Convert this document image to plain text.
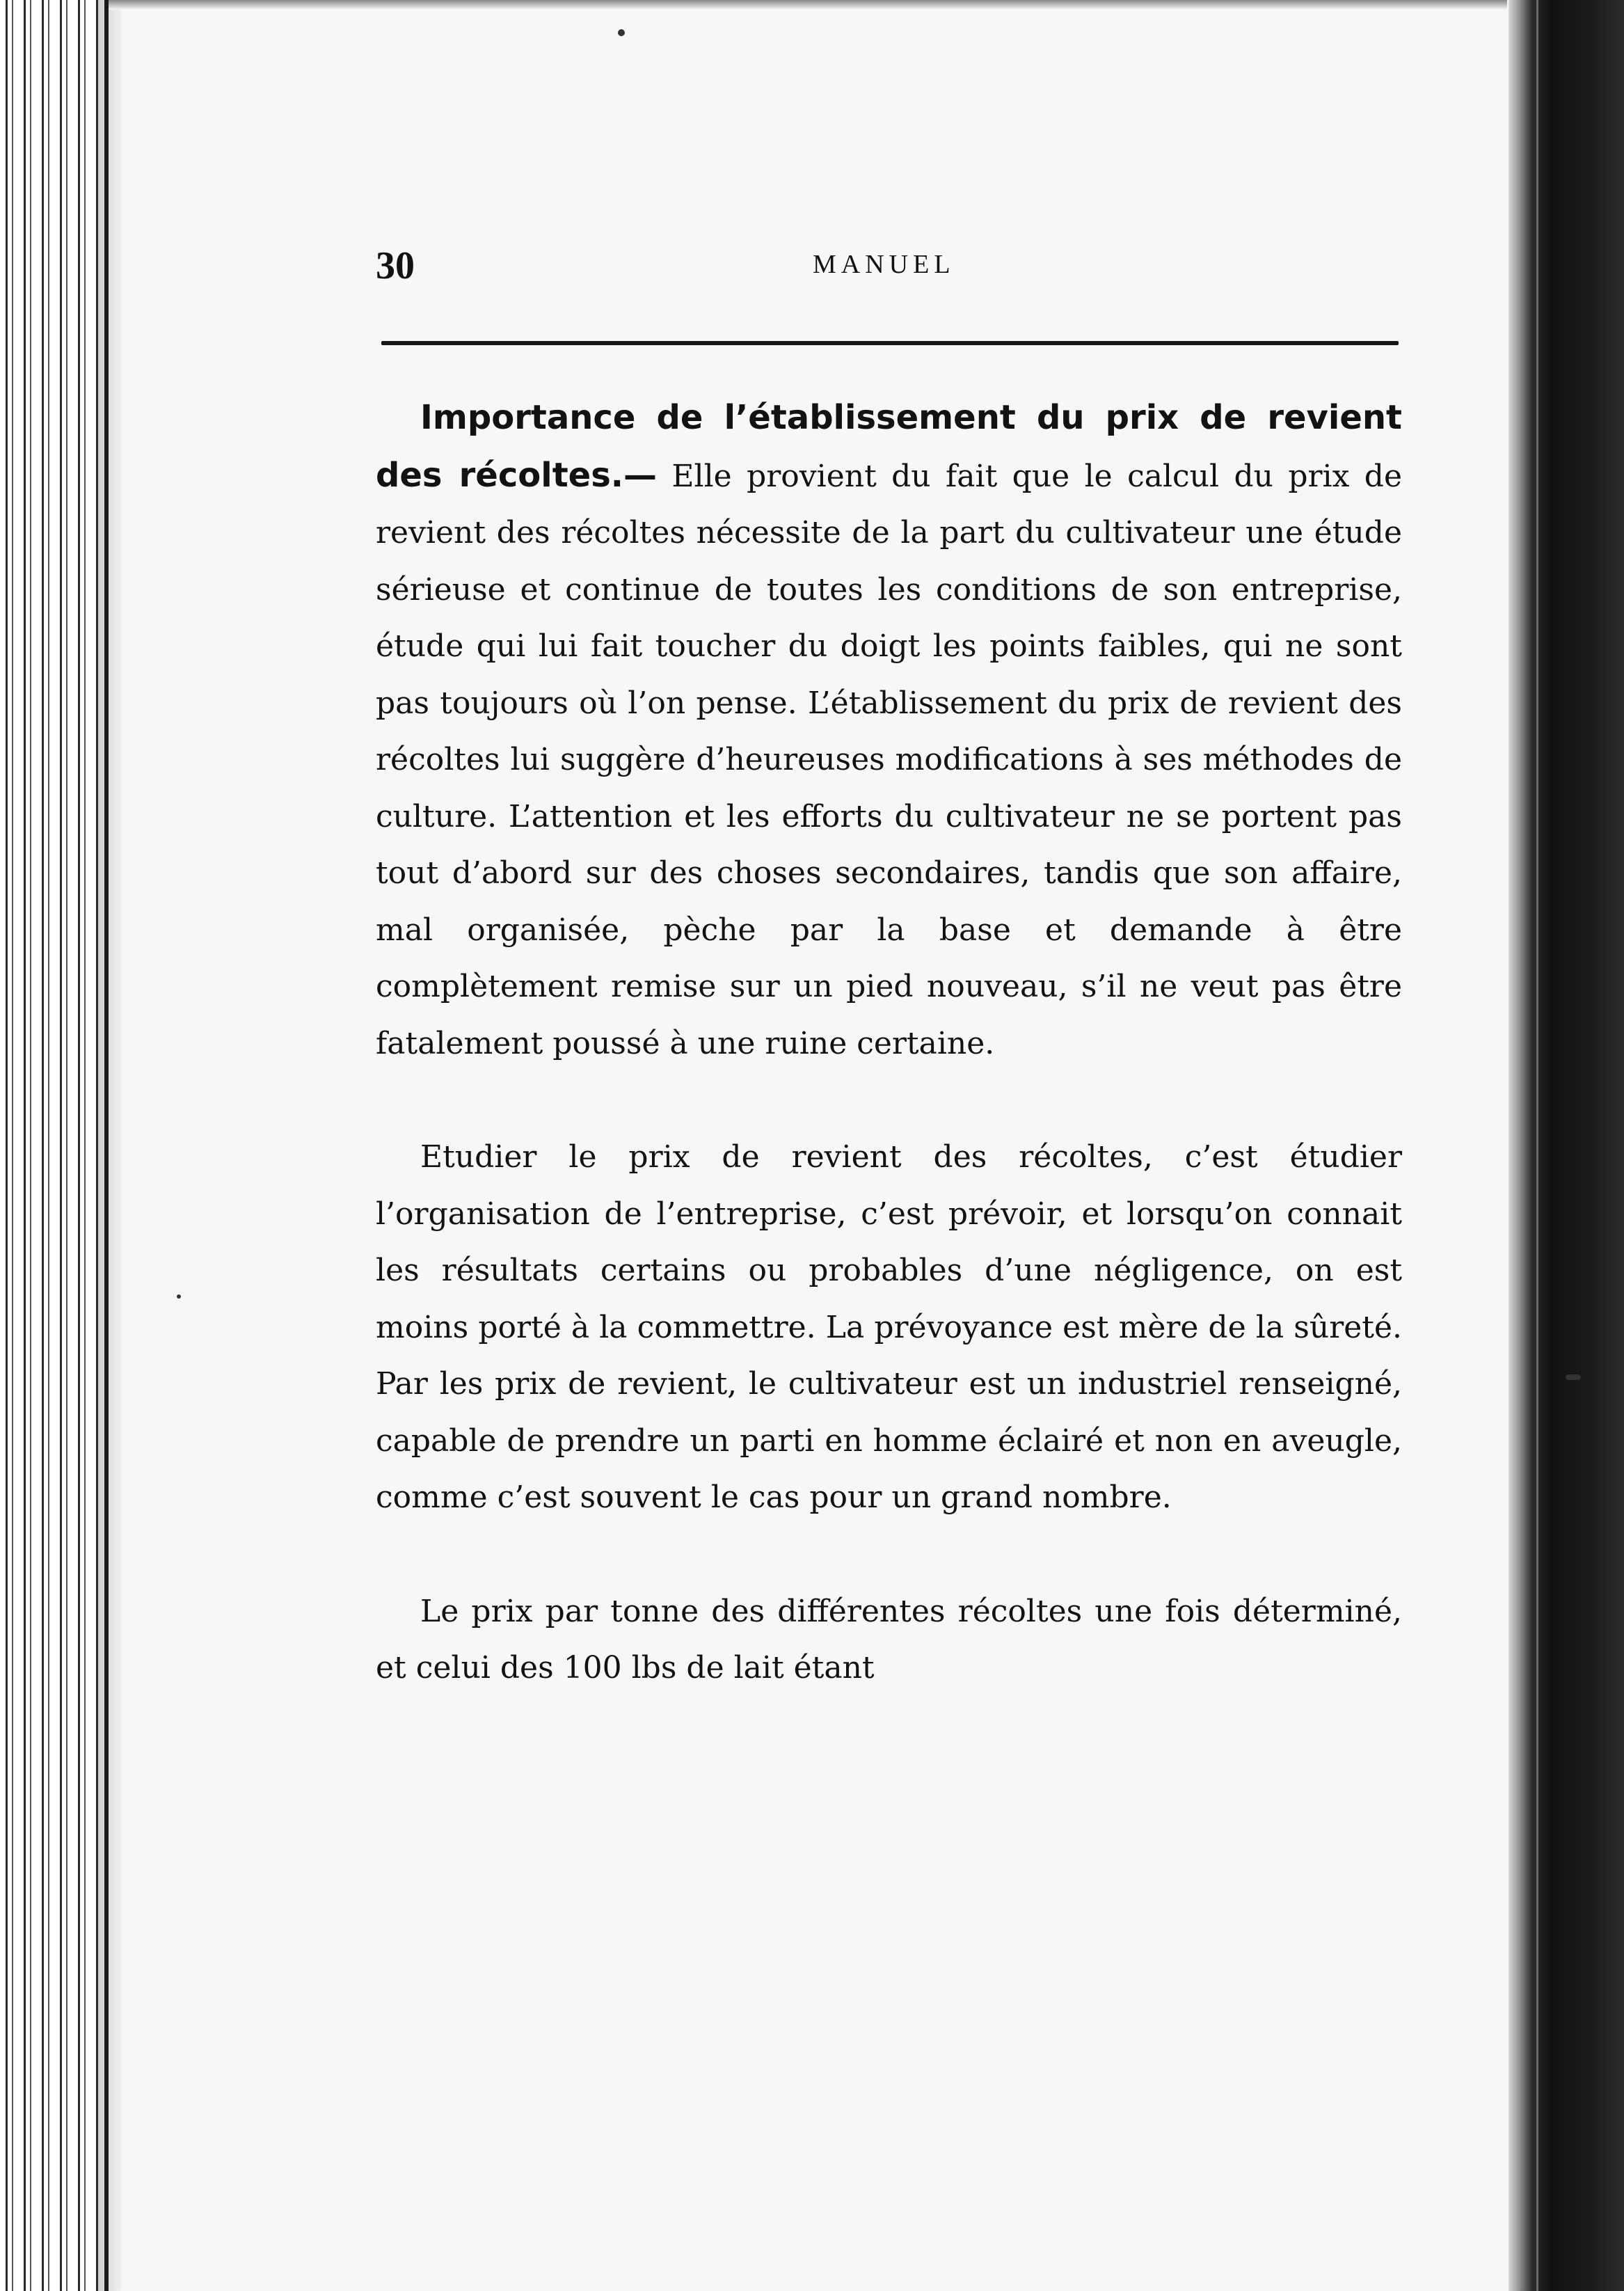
30	MANUEL

Importance de l’établissement du prix de revient des récoltes.— Elle provient du fait que le calcul du prix de revient des récoltes nécessite de la part du cultivateur une étude sérieuse et continue de toutes les conditions de son entreprise, étude qui lui fait toucher du doigt les points faibles, qui ne sont pas toujours où l’on pense. L’établissement du prix de revient des récoltes lui suggère d’heureuses modifications à ses méthodes de culture. L’attention et les efforts du cultivateur ne se portent pas tout d’abord sur des choses secondaires, tandis que son affaire, mal organisée, pèche par la base et demande à être complètement remise sur un pied nouveau, s’il ne veut pas être fatalement poussé à une ruine certaine.

Etudier le prix de revient des récoltes, c’est étudier l’organisation de l’entreprise, c’est prévoir, et lorsqu’on connait les résultats certains ou probables d’une négligence, on est moins porté à la commettre. La prévoyance est mère de la sûreté. Par les prix de revient, le cultivateur est un industriel renseigné, capable de prendre un parti en homme éclairé et non en aveugle, comme c’est souvent le cas pour un grand nombre.

Le prix par tonne des différentes récoltes une fois déterminé, et celui des 100 lbs de lait étant
